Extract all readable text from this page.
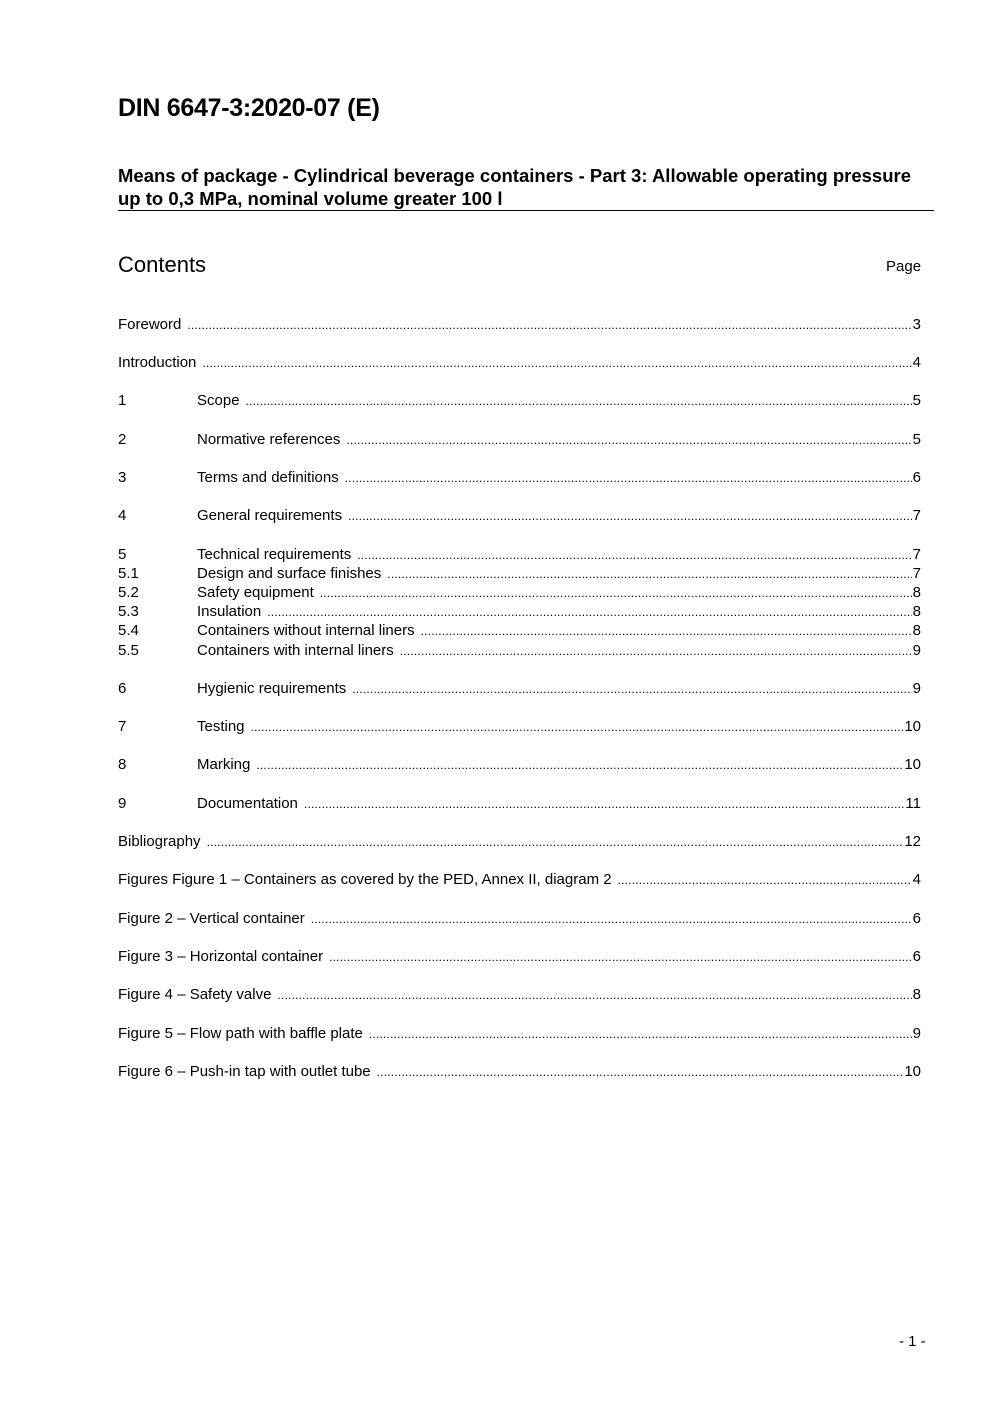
DIN 6647-3:2020-07 (E)
Means of package - Cylindrical beverage containers - Part 3: Allowable operating pressure up to 0,3 MPa, nominal volume greater 100 l
Contents	Page
Foreword .....	3
Introduction .....	4
1	Scope .....	5
2	Normative references .....	5
3	Terms and definitions .....	6
4	General requirements .....	7
5	Technical requirements .....	7
5.1	Design and surface finishes .....	7
5.2	Safety equipment .....	8
5.3	Insulation .....	8
5.4	Containers without internal liners .....	8
5.5	Containers with internal liners .....	9
6	Hygienic requirements .....	9
7	Testing .....	10
8	Marking .....	10
9	Documentation .....	11
Bibliography .....	12
Figures Figure 1 – Containers as covered by the PED, Annex II, diagram 2 .....	4
Figure 2 – Vertical container .....	6
Figure 3 – Horizontal container .....	6
Figure 4 – Safety valve .....	8
Figure 5 – Flow path with baffle plate .....	9
Figure 6 – Push-in tap with outlet tube .....	10
- 1 -
